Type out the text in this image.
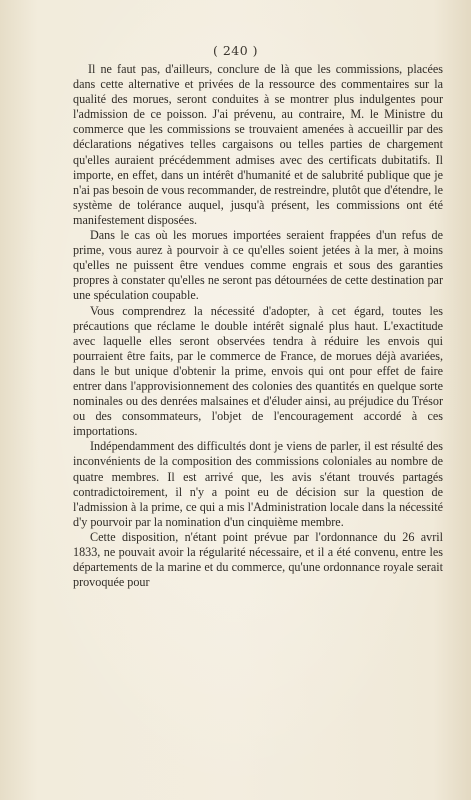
( 240 )

Il ne faut pas, d'ailleurs, conclure de là que les commissions, placées dans cette alternative et privées de la ressource des commentaires sur la qualité des morues, seront conduites à se montrer plus indulgentes pour l'admission de ce poisson. J'ai prévenu, au contraire, M. le Ministre du commerce que les commissions se trouvaient amenées à accueillir par des déclarations négatives telles cargaisons ou telles parties de chargement qu'elles auraient précédemment admises avec des certificats dubitatifs. Il importe, en effet, dans un intérêt d'humanité et de salubrité publique que je n'ai pas besoin de vous recommander, de restreindre, plutôt que d'étendre, le système de tolérance auquel, jusqu'à présent, les commissions ont été manifestement disposées.

Dans le cas où les morues importées seraient frappées d'un refus de prime, vous aurez à pourvoir à ce qu'elles soient jetées à la mer, à moins qu'elles ne puissent être vendues comme engrais et sous des garanties propres à constater qu'elles ne seront pas détournées de cette destination par une spéculation coupable.

Vous comprendrez la nécessité d'adopter, à cet égard, toutes les précautions que réclame le double intérêt signalé plus haut. L'exactitude avec laquelle elles seront observées tendra à réduire les envois qui pourraient être faits, par le commerce de France, de morues déjà avariées, dans le but unique d'obtenir la prime, envois qui ont pour effet de faire entrer dans l'approvisionnement des colonies des quantités en quelque sorte nominales ou des denrées malsaines et d'éluder ainsi, au préjudice du Trésor ou des consommateurs, l'objet de l'encouragement accordé à ces importations.

Indépendamment des difficultés dont je viens de parler, il est résulté des inconvénients de la composition des commissions coloniales au nombre de quatre membres. Il est arrivé que, les avis s'étant trouvés partagés contradictoirement, il n'y a point eu de décision sur la question de l'admission à la prime, ce qui a mis l'Administration locale dans la nécessité d'y pourvoir par la nomination d'un cinquième membre.

Cette disposition, n'étant point prévue par l'ordonnance du 26 avril 1833, ne pouvait avoir la régularité nécessaire, et il a été convenu, entre les départements de la marine et du commerce, qu'une ordonnance royale serait provoquée pour
